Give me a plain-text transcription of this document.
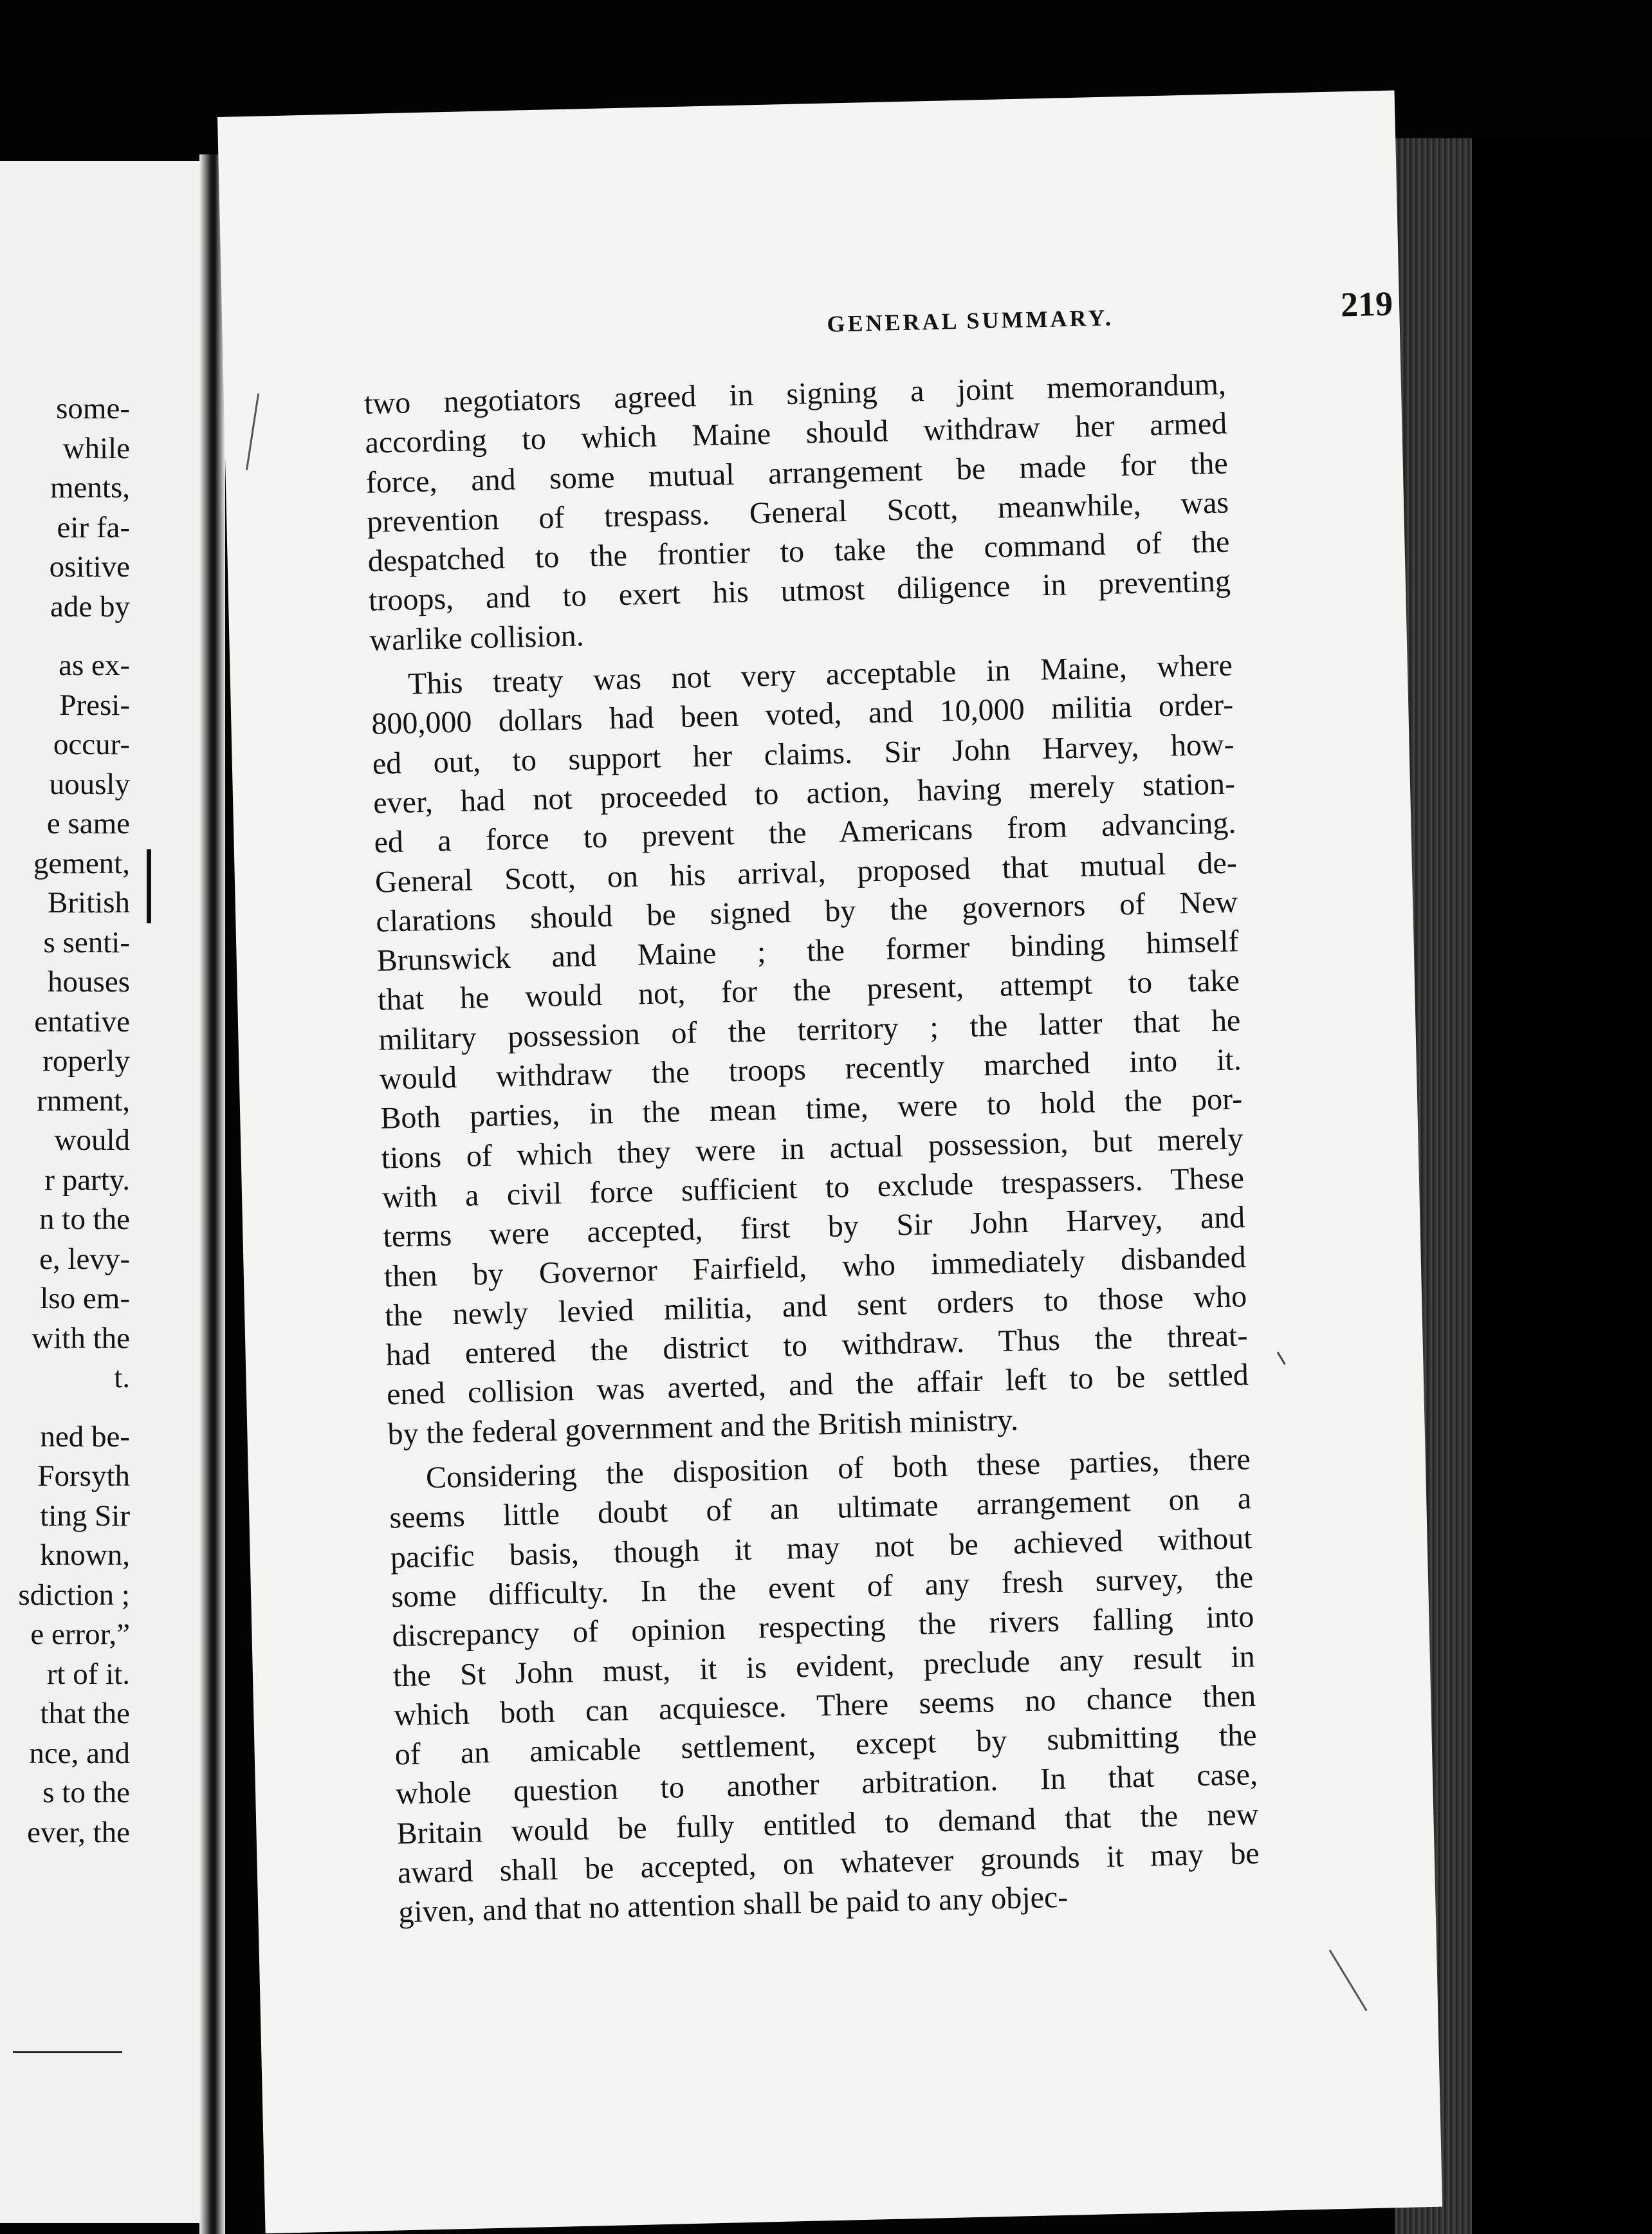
some-
while
ments,
eir fa-
ositive
ade by
as ex-
Presi-
occur-
uously
e same
gement,
British
s senti-
houses
entative
roperly
rnment,
would
r party.
n to the
e, levy-
lso em-
with the
t.
ned be-
Forsyth
ting Sir
known,
sdiction ;
e error,”
rt of it.
that the
nce, and
s to the
ever, the
GENERAL SUMMARY.	219
two negotiators agreed in signing a joint memorandum,
according to which Maine should withdraw her armed
force, and some mutual arrangement be made for the
prevention of trespass. General Scott, meanwhile, was
despatched to the frontier to take the command of the
troops, and to exert his utmost diligence in preventing
warlike collision.
This treaty was not very acceptable in Maine, where
800,000 dollars had been voted, and 10,000 militia order-
ed out, to support her claims. Sir John Harvey, how-
ever, had not proceeded to action, having merely station-
ed a force to prevent the Americans from advancing.
General Scott, on his arrival, proposed that mutual de-
clarations should be signed by the governors of New
Brunswick and Maine ; the former binding himself
that he would not, for the present, attempt to take
military possession of the territory ; the latter that he
would withdraw the troops recently marched into it.
Both parties, in the mean time, were to hold the por-
tions of which they were in actual possession, but merely
with a civil force sufficient to exclude trespassers. These
terms were accepted, first by Sir John Harvey, and
then by Governor Fairfield, who immediately disbanded
the newly levied militia, and sent orders to those who
had entered the district to withdraw. Thus the threat-
ened collision was averted, and the affair left to be settled
by the federal government and the British ministry.
Considering the disposition of both these parties, there
seems little doubt of an ultimate arrangement on a
pacific basis, though it may not be achieved without
some difficulty. In the event of any fresh survey, the
discrepancy of opinion respecting the rivers falling into
the St John must, it is evident, preclude any result in
which both can acquiesce. There seems no chance then
of an amicable settlement, except by submitting the
whole question to another arbitration. In that case,
Britain would be fully entitled to demand that the new
award shall be accepted, on whatever grounds it may be
given, and that no attention shall be paid to any objec-
